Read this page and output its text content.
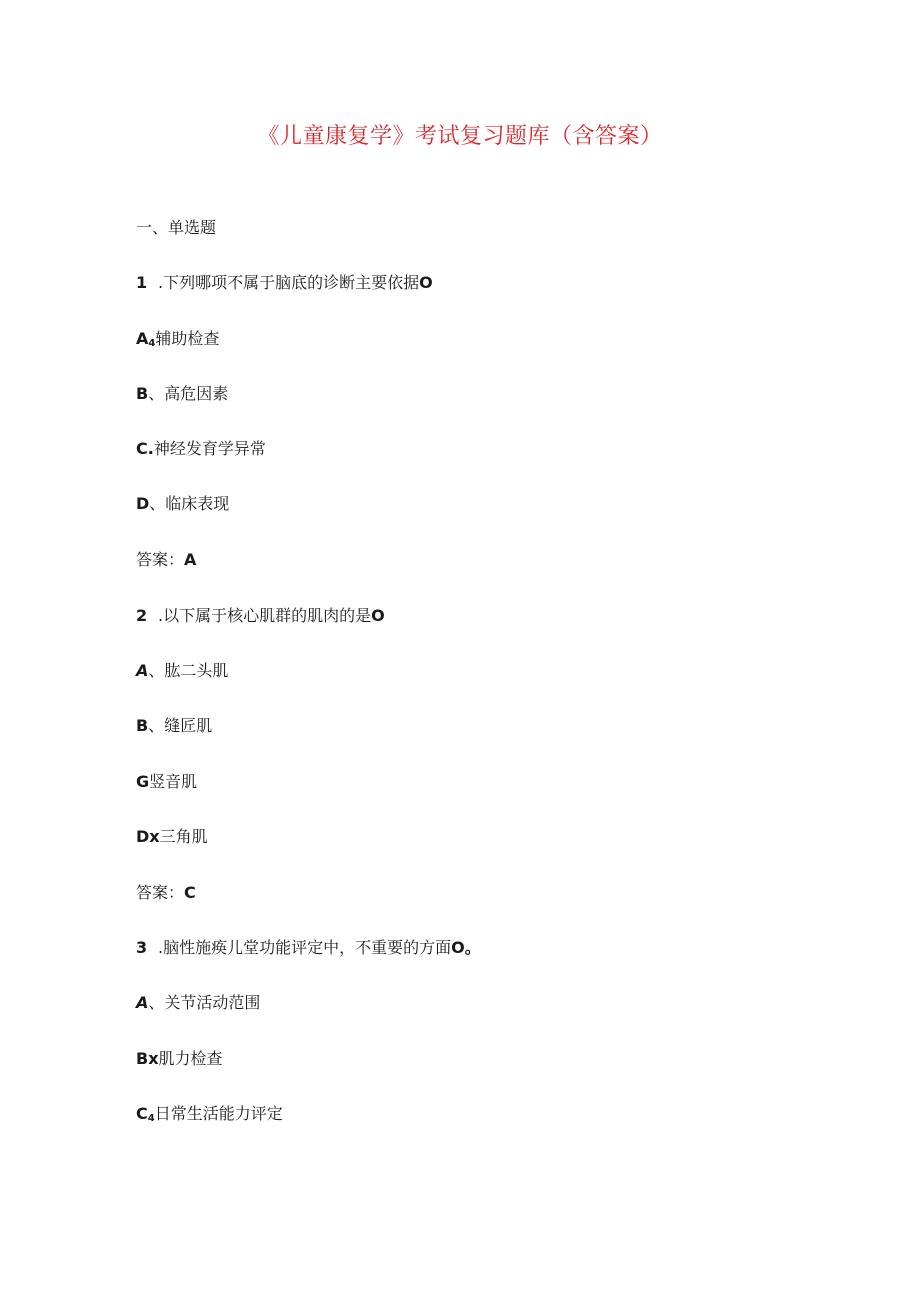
《儿童康复学》考试复习题库（含答案）
一、单选题
1 .下列哪项不属于脑底的诊断主要依据O
$A_4$辅助检查
B、高危因素
C.神经发育学异常
D、临床表现
答案：A
2 .以下属于核心肌群的肌肉的是O
A、肱二头肌
B、缝匠肌
G竖音肌
Dx三角肌
答案：C
3 .脑性施痪儿堂功能评定中，不重要的方面O。
A、关节活动范围
Bx肌力检查
$C_4$日常生活能力评定
